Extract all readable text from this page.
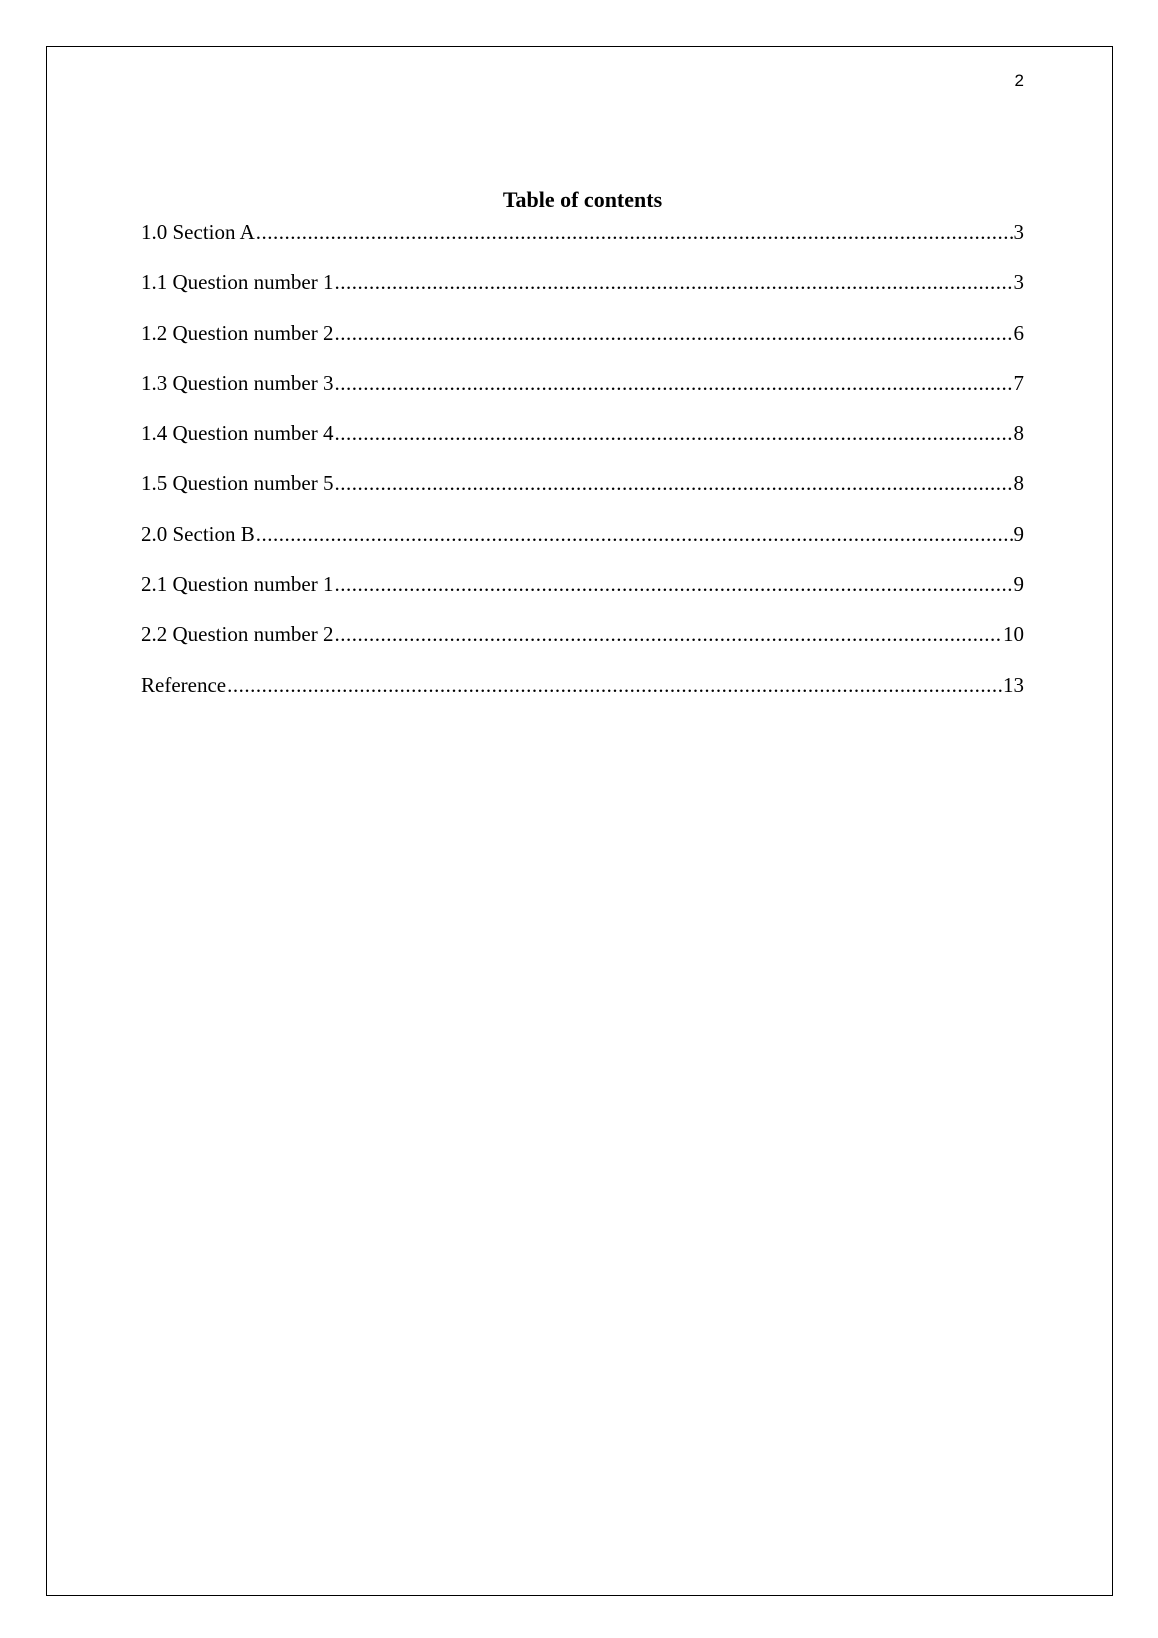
2
Table of contents
1.0 Section A .....	3
1.1 Question number 1 .....	3
1.2 Question number 2 .....	6
1.3 Question number 3 .....	7
1.4 Question number 4 .....	8
1.5 Question number 5 .....	8
2.0 Section B .....	9
2.1 Question number 1 .....	9
2.2 Question number 2 .....	10
Reference .....	13
